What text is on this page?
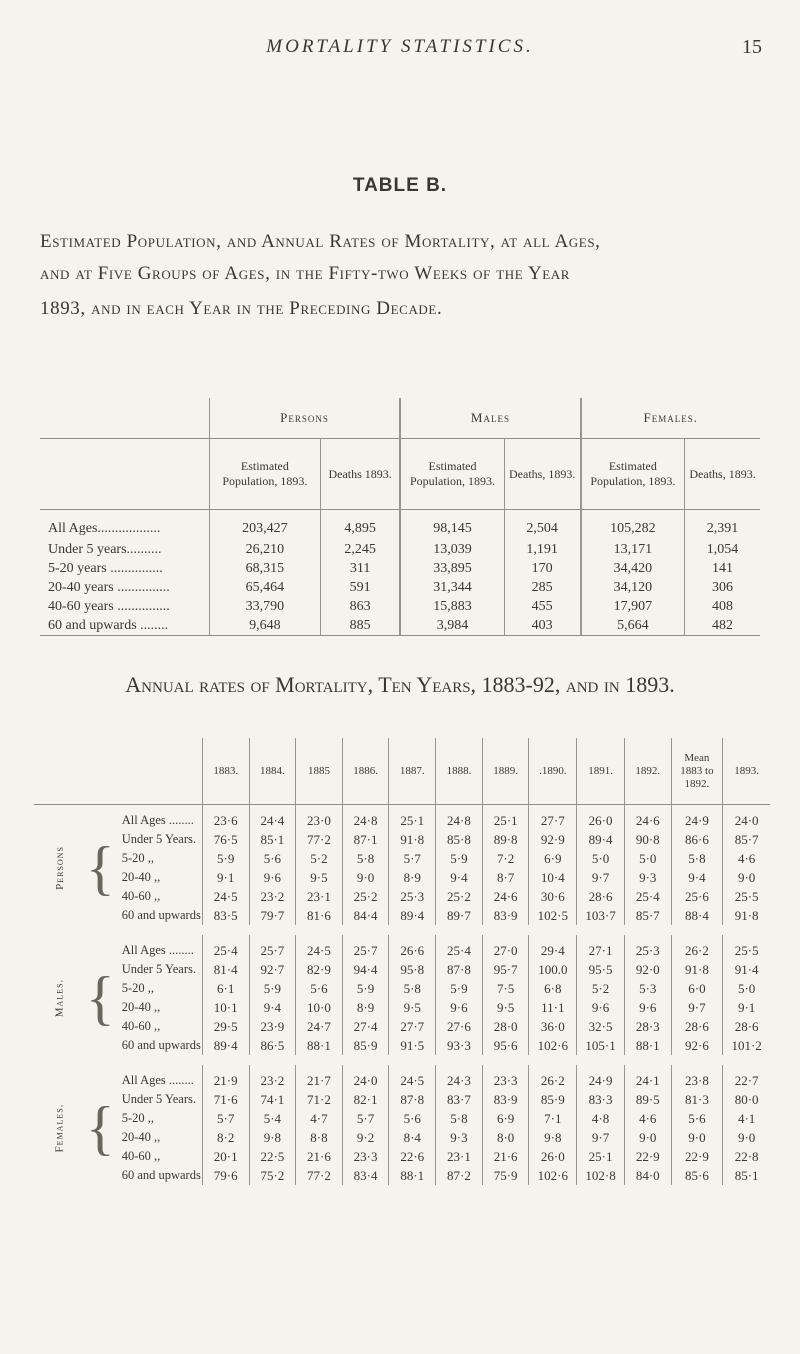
MORTALITY STATISTICS.	15
TABLE B.
Estimated Population, and Annual Rates of Mortality, at all Ages,
and at Five Groups of Ages, in the Fifty-two Weeks of the Year
1893, and in each Year in the Preceding Decade.
	Persons		Males		Females.	
	Estimated Population, 1893.	Deaths 1893.	Estimated Population, 1893.	Deaths, 1893.	Estimated Population, 1893.	Deaths, 1893.
All Ages..................	203,427	4,895	98,145	2,504	105,282	2,391
Under 5 years..........	26,210	2,245	13,039	1,191	13,171	1,054
5-20 years ...............	68,315	311	33,895	170	34,420	141
20-40 years ...............	65,464	591	31,344	285	34,120	306
40-60 years ...............	33,790	863	15,883	455	17,907	408
60 and upwards ........	9,648	885	3,984	403	5,664	482
Annual rates of Mortality, Ten Years, 1883-92, and in 1893.
			1883.	1884.	1885	1886.	1887.	1888.	1889.	.1890.	1891.	1892.	Mean 1883 to 1892.	1893.
Persons	{	All Ages ........	23·6	24·4	23·0	24·8	25·1	24·8	25·1	27·7	26·0	24·6	24·9	24·0
		Under 5 Years.	76·5	85·1	77·2	87·1	91·8	85·8	89·8	92·9	89·4	90·8	86·6	85·7
		5-20 ,,	5·9	5·6	5·2	5·8	5·7	5·9	7·2	6·9	5·0	5·0	5·8	4·6
		20-40 ,,	9·1	9·6	9·5	9·0	8·9	9·4	8·7	10·4	9·7	9·3	9·4	9·0
		40-60 ,,	24·5	23·2	23·1	25·2	25·3	25·2	24·6	30·6	28·6	25·4	25·6	25·5
		60 and upwards	83·5	79·7	81·6	84·4	89·4	89·7	83·9	102·5	103·7	85·7	88·4	91·8

Males.	{	All Ages ........	25·4	25·7	24·5	25·7	26·6	25·4	27·0	29·4	27·1	25·3	26·2	25·5
		Under 5 Years.	81·4	92·7	82·9	94·4	95·8	87·8	95·7	100.0	95·5	92·0	91·8	91·4
		5-20 ,,	6·1	5·9	5·6	5·9	5·8	5·9	7·5	6·8	5·2	5·3	6·0	5·0
		20-40 ,,	10·1	9·4	10·0	8·9	9·5	9·6	9·5	11·1	9·6	9·6	9·7	9·1
		40-60 ,,	29·5	23·9	24·7	27·4	27·7	27·6	28·0	36·0	32·5	28·3	28·6	28·6
		60 and upwards	89·4	86·5	88·1	85·9	91·5	93·3	95·6	102·6	105·1	88·1	92·6	101·2

Females.	{	All Ages ........	21·9	23·2	21·7	24·0	24·5	24·3	23·3	26·2	24·9	24·1	23·8	22·7
		Under 5 Years.	71·6	74·1	71·2	82·1	87·8	83·7	83·9	85·9	83·3	89·5	81·3	80·0
		5-20 ,,	5·7	5·4	4·7	5·7	5·6	5·8	6·9	7·1	4·8	4·6	5·6	4·1
		20-40 ,,	8·2	9·8	8·8	9·2	8·4	9·3	8·0	9·8	9·7	9·0	9·0	9·0
		40-60 ,,	20·1	22·5	21·6	23·3	22·6	23·1	21·6	26·0	25·1	22·9	22·9	22·8
		60 and upwards	79·6	75·2	77·2	83·4	88·1	87·2	75·9	102·6	102·8	84·0	85·6	85·1
